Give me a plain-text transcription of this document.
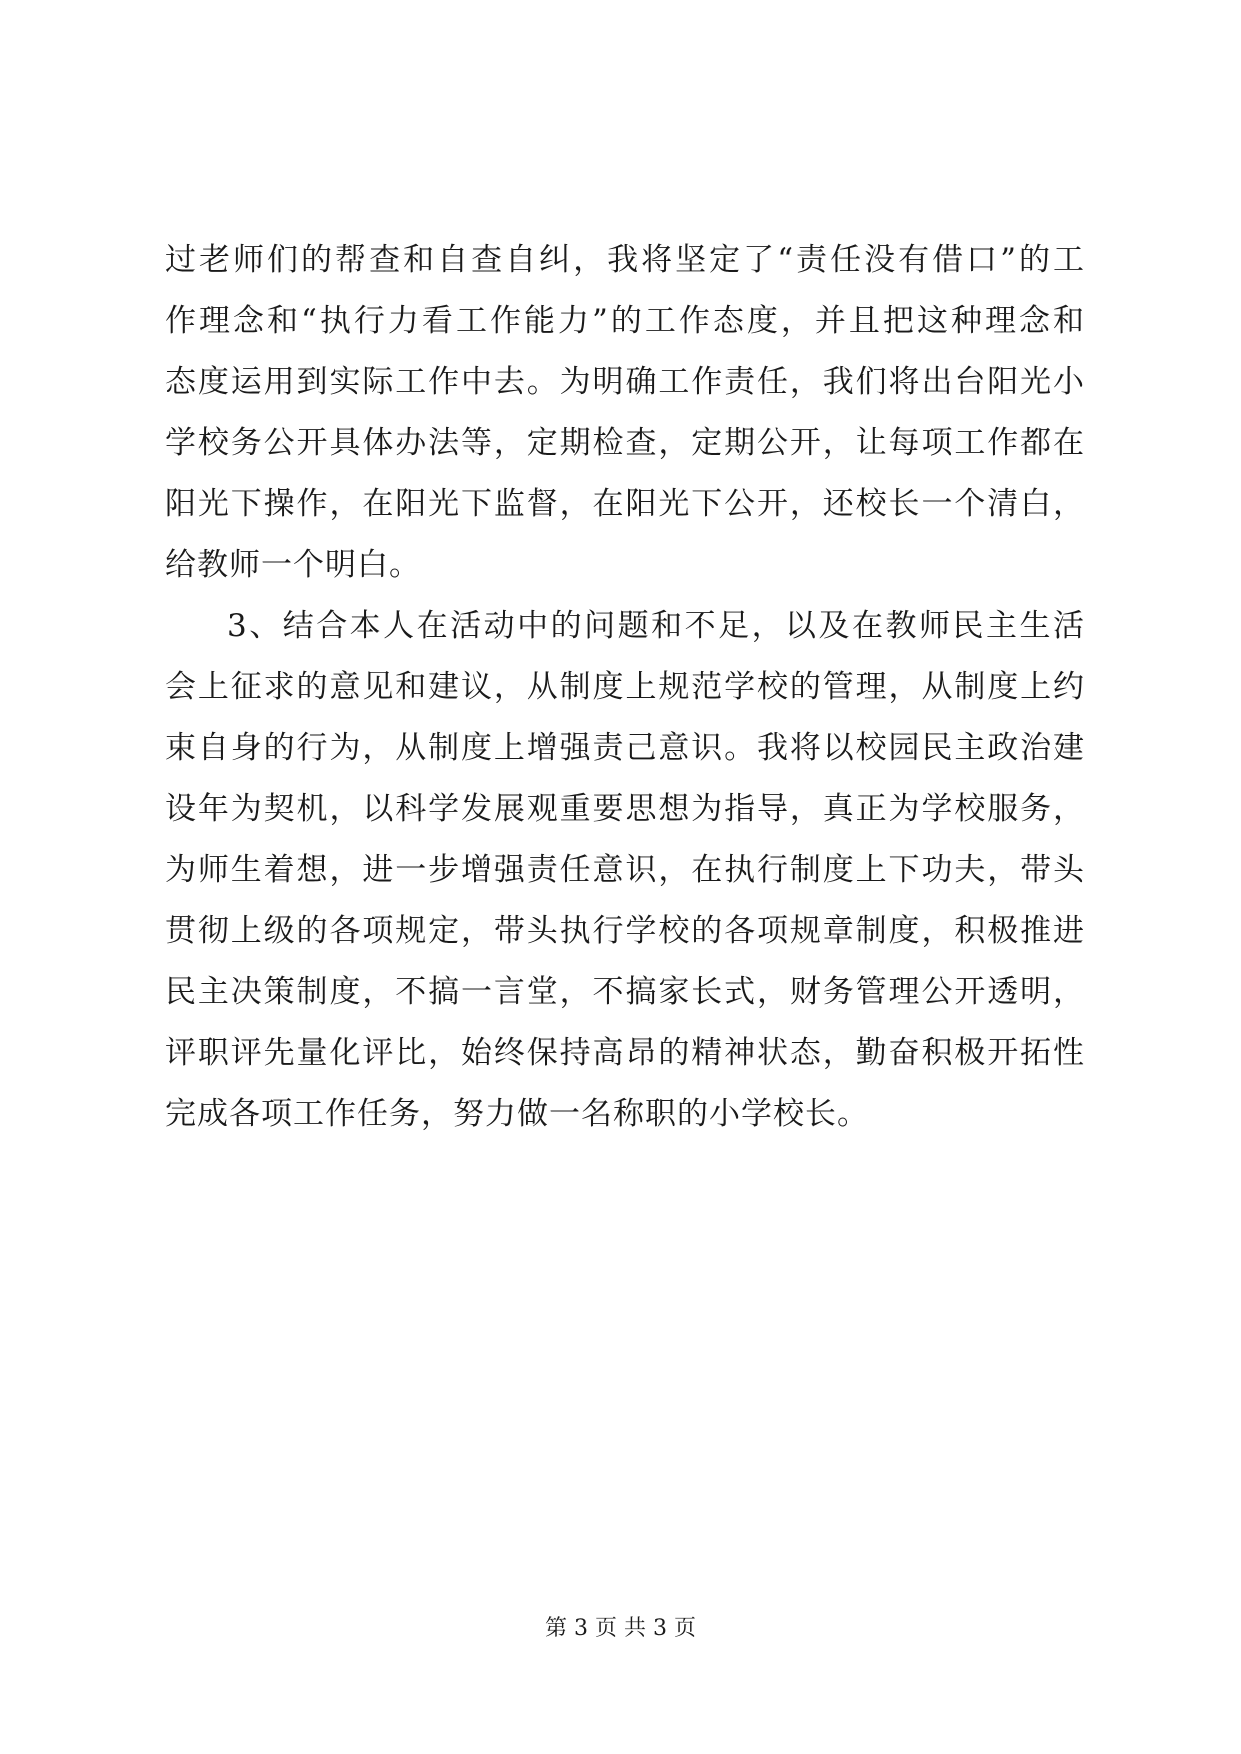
过老师们的帮查和自查自纠，我将坚定了“责任没有借口”的工
作理念和“执行力看工作能力”的工作态度，并且把这种理念和
态度运用到实际工作中去。为明确工作责任，我们将出台阳光小
学校务公开具体办法等，定期检查，定期公开，让每项工作都在
阳光下操作，在阳光下监督，在阳光下公开，还校长一个清白，
给教师一个明白。
3、结合本人在活动中的问题和不足，以及在教师民主生活
会上征求的意见和建议，从制度上规范学校的管理，从制度上约
束自身的行为，从制度上增强责己意识。我将以校园民主政治建
设年为契机，以科学发展观重要思想为指导，真正为学校服务，
为师生着想，进一步增强责任意识，在执行制度上下功夫，带头
贯彻上级的各项规定，带头执行学校的各项规章制度，积极推进
民主决策制度，不搞一言堂，不搞家长式，财务管理公开透明，
评职评先量化评比，始终保持高昂的精神状态，勤奋积极开拓性
完成各项工作任务，努力做一名称职的小学校长。
第 3 页 共 3 页
